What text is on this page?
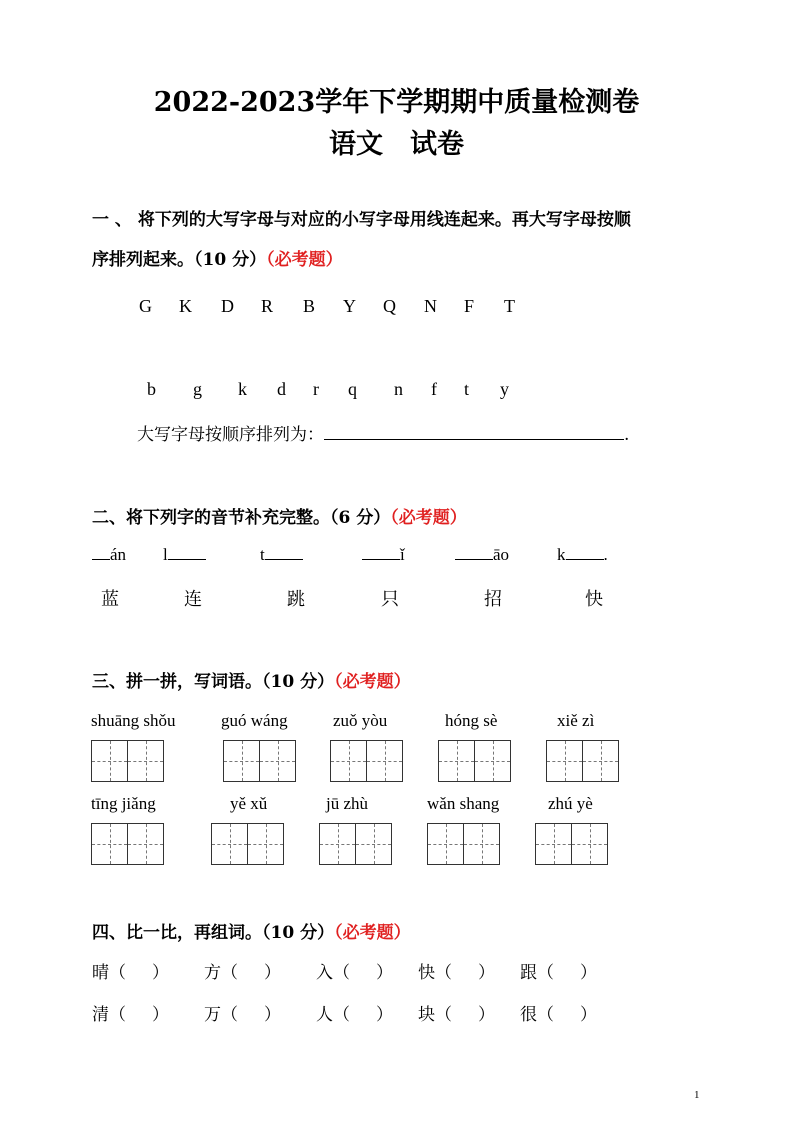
2022-2023学年下学期期中质量检测卷
语文　试卷
一 、 将下列的大写字母与对应的小写字母用线连起来。再大写字母按顺
序排列起来。（10 分）（必考题）
G K D R B Y Q N F T
b g k d r q n f t y
大写字母按顺序排列为：	.
二、将下列字的音节补充完整。（6 分）（必考题）
án l	t	ǐ	āo	k .
蓝	连	跳	只	招	快
三、拼一拼，写词语。（10 分）（必考题）
shuāng shǒu	guó wáng	zuǒ yòu	hóng sè	xiě zì
tīng jiǎng	yě xǔ	jū zhù	wǎn shang	zhú yè
四、比一比，再组词。（10 分）（必考题）
晴（ ） 方（ ） 入（ ） 快（ ） 跟（ ）
清（ ） 万（ ） 人（ ） 块（ ） 很（ ）
1
